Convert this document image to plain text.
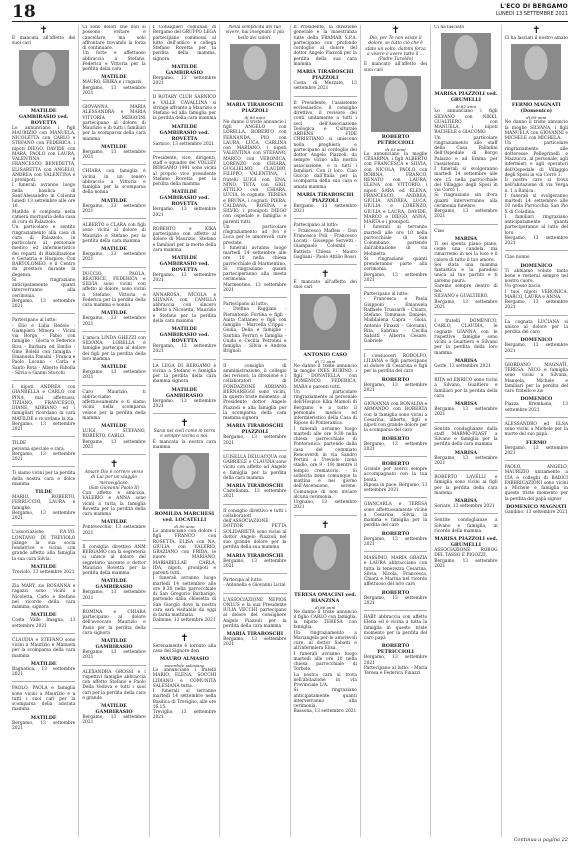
18	L'ECO DI BERGAMO
LUNEDÌ 13 SETTEMBRE 2021
✝
È mancata all'affetto dei suoi cari
MATILDE GAMBIRASIO ved. ROVETTA
Lo annunciano i figli MAURIZIO con MANUELA, NICOLETTA con CARLO e STEFANO con FEDERICA, i nipoti DIEGO, DAVIDE con MARA, PAOLO con LAURA, VALENTINA e FRANCESCO, BENEDETTA, ELISABETTA con ANGELO, ANDREA con VALENTINA e i pronipoti.
I funerali avranno luogo nella basilica di Sant'Alessandro in Colonna lunedì 13 settembre alle ore 10.
Matilde è composta nella camera mortuaria della casa di cura di Palazzolo.
Un particolare e sentito ringraziamento alla casa di cura di Palazzolo, in particolare al personale medico ed infermieristico dei reparti di Riabilitazione e Geriatria e Hospice. Con BARTOLOMEO, e il Centro da prestare durante la degenza.
Si ringraziano anticipatamente quanti interverranno alla cerimonia.
Bergamo, 13 settembre 2021
Partecipano al lutto:
- Elio e Lidia Redolo - Giampiero Minora - Vicini via Borgo - Fabio con famiglie - Gloria e Federico Riva - Barbara ed Emilio - Gino Bolelli con famiglia - Emanuela Pansini - Franca e Paolo Lucano - Carla e Santo Rota - Alberto Ribolla - Silvia e Gianni Stucchi
I nipoti ANDREA con GIANBELLA e CARLO con PINA, mai affettuosi, TIZIANO, FRANCESCO, DIANE, ADRIANO ed i famigliari ricordano la cara MATILDE e ricordano la zia.
Bergamo, 13 settembre 2021
TILDE
persona speciale e rara.
Bergamo, 13 settembre 2021
Ti siamo vicini per la perdita della nostra cara e dolce mamma
TILDE
MARIO, ROBERTO, FERRUCCIO, LAURA e famiglie.
Bergamo, 13 settembre 2021
L'associazione P.A.VO. LONTANO DI TREVIOLO piange la sua socia fondatrice e vicina con grande affetto alla famiglia la sua cara Silvia.
MATILDE
Treviolo, 13 settembre 2021
Zia MARY, zio ROSANNA e ragazzi sono vicini a Nicoletta, Carlo e Stefano nel ricordo della cara mamma, signora
MATILDE
Costa Valle Imagna, 13 settembre 2021
CLAUDIA e STEFANO sono vicini a Maurizio e Manuela per la scomparsa della cara mamma
MATILDE
Bagnatica, 13 settembre 2021
PAOLO, PAOLA e famiglia sono vicini a Maurizio e a tutti i suoi cari per la scomparsa della adorata mamma
MATILDE
Bergamo, 13 settembre 2021
Ci sono dolori che non si possono evitare e cancellare, ma solo affrontare trovando la forza di continuare.
Un forte e affettuoso abbraccio a Stefano, Federica e Vittoria per la perdita della cara
MATILDE
MAURO, ERIKA e i ragazzi.
Bergamo, 13 settembre 2021
GIOVANNA, MARIA ALESSANDRA e MARIA VITTORIA MERAVINI partecipano al dolore di Maurizio e di tutti i familiari per la scomparsa della cara mamma
MATILDE
Bergamo, 13 settembre 2021
CHIARA con famiglia è vicina in un tenero abbraccio a Vittoria e famiglia per la scomparsa della nonna
MATILDE
Bergamo, 13 settembre 2021
ALBERTO e CLARA con figli sono vicini al dolore di Maurizio e Stefano per la perdita della cara mamma
MATILDE
Bergamo, 13 settembre 2021
DUCCIO, PAOLA, BEATRICE, FEDERICA e SILVIA sono vicini con affetto al dolore, sono vicini a Stefano, Vittoria e Federica per la perdita della cara mamma e nonna
MATILDE
Bergamo, 13 settembre 2021
L'amica LINDA GHEZZI con SILVANA, LORELLA e famiglie partecipa al dolore dei figli per la perdita della loro mamma
MATILDE
Bergamo, 13 settembre 2021
Caro Maurizio, ti abbracciamo affettuosamente e ti siamo vicini nella scomparsa veloce per la perdita della mamma
MATILDE
LUIGI, STEFANO, ROBERTO, CARLO.
Bergamo, 13 settembre 2021
✝
Amare Dio è correre verso di Lui per un viaggio meraviglioso.
(San Giovanni Paolo II)
Con affetto e amicizia, VALERIO e ANNA sono vicini a tutta la famiglia Rovetta per la perdita della cara mamma
MATILDE
Pontevecchio, 13 settembre 2021
Il consiglio direttivo ANM BERGAMO con la segreteria si unisce al dolore del segretario uscente e dottor Maurizio Rovetta per la perdita della mamma
MATILDE GAMBIRASIO
Bergamo, 13 settembre 2021
ROMINA e CHIARA partecipano al dolore dell'avvocato Maurizio e Paolo per la perdita della cara signora
MATILDE GAMBIRASIO
Bergamo, 13 settembre 2021
ALEXANDRA GROSSI e i rispettivi famiglie abbraccia con affetto Stefano e Paolo Della Vedova e tutti i suoi cari per la perdita della cara e grande
MATILDE GAMBIRASIO
Bergamo, 13 settembre 2021
I Consiglieri comunali di Bergamo del GRUPPO LEGA partecipano commossi al lutto dell'amico e collega Stefano Rovetta per la perdita della mamma, signora
MATILDE GAMBIRASIO
Bergamo, 13 settembre 2021
Il ROTARY CLUB SARNICO e VALLE CAVALLINA si stringe affranto a Maurizio e Stefano ed alla famiglia per la perdita della cara mamma
MATILDE GAMBIRASIO ved. ROVETTA
Sarnico, 13 settembre 2021
Presidente, vice, dirigenti, staff e squadre del VOLLEY BERGAMO 1991 sono vicini al proprio vice presidente Stefano Rovetta per la perdita della mamma
MATILDE GAMBIRASIO ved. ROVETTA
Bergamo, 13 settembre 2021
ROBERTO e KIKA partecipano con affetto al dolore di Maurizio, Stefano e familiari per la morte della cara mamma
MATILDE GAMBIRASIO ved. ROVETTA
Bergamo, 13 settembre 2021
ANNAROSA, NICOLA e SILVANA con CAMILLA abbraccia con sincero affetto a Nicoletta, Maurizio e Stefano per la perdita della cara mamma
MATILDE GAMBIRASIO ved. ROVETTA
Bergamo, 13 settembre 2021
LA LEGA DI BERGAMO è vicina a Stefano e famiglia per la perdita della cara mamma signora
MATILDE GAMBIRASIO
Bergamo, 13 settembre 2021
✝
Sarai nei cieli come in terra e sempre vicino a noi.
È mancata la nostra cara mamma
ROMILDA MARCHESI ved. LOCATELLI
di 89 anni
Lo annunciano con dolore i figli FRANCO con ROSETTA, ELISA con NA, GIULIA con VALERIO, GRAZIANO con FRIDA, le nuore MARIANO, MARIABELLAE CARLA, IDA, nipoti, pronipoti e parenti tutti.
I funerali avranno luogo martedì 14 settembre alle ore 9.30 nella parrocchiale di San Gregorio Barbarigo, partendo dalla chiesetta di San Giorgio dove la nostra cara sarà visitabile da oggi in tarda mattinata.
Dalmine, 13 settembre 2021
✝
Serenamente è tornato alla casa del Signore don
MAURO ALMASIO
sacerdote salesiano
Lo annunciano i fratelli MARIO, ELENA, SOCCHI LIDIANO e COMUNITÀ SALESIANA tutta.
I funerali si terranno martedì 14 settembre nella Basilica di Treviglio, alle ore 16.15.
Treviglio, 13 settembre 2021
Nella semplicità del tuo vivere, hai insegnato il più bello dei valori.
MARIA TIRABOSCHI PIAZZOLI
di 89 anni
Ne danno il triste annuncio i figli ANGELO con LORELLA, ROBERTO con FERNANDA, PIO con LAURA, LUCA, CARLINA con MARIANO, i nipoti VALENTINA con STEFANO, MARCO con VERONICA, LORENZO con CHIARA, GUGLIELMO, CLAUDIO, FILIPPO, VALENTINA, i fratelli LUIGI con ENA, NINO, TETA con GIGI, ATTILIO con CHIARA, LUCIA, le cognate, TERESA e BRUNA, i cognati, PIERA, CALDANA, ROSINA e SILVIO, i pronipoti DIEGO con ospedale e famiglia e parenti tutti.
Un particolare ringraziamento ad Ivo e Luca per le amorevoli cure prestate.
I funerali avranno luogo martedì 14 settembre alle ore 10 nella chiesa parrocchiale di Marmentino.
Si ringraziano quanti parteciperanno alla mesta cerimonia.
Marmentino, 13 settembre 2021
Partecipano al lutto:
- Dolfina Faggiani - Pierantonio Fortina e figli - Anita Cattaneo e figli con famiglie - Marcella Crippa - Giulia, Delia e famiglie - Santina Ferrari e famiglia - Guido e Cecilia Petrolini e famiglia - Silvia e Andrea Brignoli
Il consiglio di amministrazione, il collegio dei revisori, la direzione e i collaboratori di FONDAZIONE ADRIANO BERNAREGGI sono vicini, in questo triste momento, al Presidente dottor Angelo Piazzoli e alla famiglia per la scomparsa della cara mamma signora
MARIA TIRABOSCHI PIAZZOLI
Bergamo, 13 settembre 2021
LUISELLA DELUACQUA con GABRIELE e CLAUDIA sono vicini con affetto ad Angelo e famiglia per la perdita della cara mamma
MARIA TIRABOSCHI
Castellanza, 13 settembre 2021
Il consiglio direttivo e tutti i collaboratori dell'ASSOCIAZIONE DOTTOR PETTA SOLIDARIETÀ sono vicini al dottor Angelo Piazzoli nel suo grande dolore per la perdita della sua mamma
MARIA TIRABOSCHI
Bergamo, 13 settembre 2021
Partecipa al lutto:
- Antonella e Giovanni Licini
L'ASSOCIAZIONE NEPIOS ONLUS e la sua Presidente IULIA VECCHI partecipano al dolore del consigliere Angelo Piazzoli per la perdita della cara mamma
MARIA TIRABOSCHI
Bergamo, 13 settembre 2021
Il Presidente, la direzione generale e la maestranza tutte della FRAMAR S.P.A. partecipano con profondo cordoglio al dolore del dottor Angelo Piazzoli per la perdita della sua cara mamma
MARIA TIRABOSCHI PIAZZOLI
Costa di Mezzate, 13 settembre 2021
Il Presidente, l'assistente ecclesiastico, il consiglio direttivo, il revisore dei conti unitamente a tutti i soci dell'Associazione Teologica e Culturale ARDENS FIDE CHRISTIANO si uniscono nella preghiera e partecipano al cordoglio del dottor Angelo Piazzoli, da sempre vicino alla nostra associazione, e a tutti i familiari. Con il loro. Ciao Guccio dall'Italia per la scomparsa della sua cara e amata mamma
MARIA TIRABOSCHI PIAZZOLI
Bergamo, 13 settembre 2021
Partecipano al lutto:
- Francesco Maffeis - Don Francesco Poli - Francesco Locati - Giuseppe Servetti - Giampaolo Colombi - Battista Chiesa - Mauro Gagliani - Paolo Attilio Rossi
✝
È mancato all'affetto dei suoi cari
ANTONIO CASO
di 72 anni
Ne danno il triste annuncio la moglie INES RUBINO, i figli DONATELLA con DOMENICO, FEDERICA, MARA e parenti tutti.
Un particolare ringraziamento al personale dell'Hospice Kika Mamoli di Bergamo e a tutto il personale medico ed infermieristico della Casa di Riposo di Ponteranica.
I funerali avranno luogo martedì alle ore 9.30 nella chiesa parrocchiale di Ponteranica, partendo dalla casa del commiato Roncoverdi in via Sandro Pertini a Treviolo (zona stadio, ore 9 - 19) mentre il tempio crematorio. - Si sollecita bene comunque la mattina e nel giorno dell'Ascensione, serene. Comunque di non inviare alcuna cerimonia.
Urgnano, 13 settembre 2021
✝
TERESA OMACINI ved. BIANZINA
di 86 anni
Ne danno il triste annuncio il figlio CARLO con famiglia, la nipote TERESA con famiglia.
Un ringraziamento a Mariangela per le amorevoli cure, al dottor Sabatti e all'infermiera Elisa.
I funerali avranno luogo martedì alle ore 10 nella chiesa parrocchiale di Torbole.
La nostra cara si trova nell'abitazione in via Provinciale 1/A.
Si ringraziano anticipatamente quanti interverranno alla cerimonia.
Bassona, 13 settembre 2021
✝
Dio, per Te non esiste il dolore, se tutto ciò che è stato un volto, dammi forza a vivere e avere tutto il ...
(Padre Turoldo)
È mancato all'affetto dei suoi cari
ROBERTO PETRICCIOLI
di 63 anni
Lo annunciano la moglie CESARINA, i figli ALBERTO con FRANCESCA e SILVIA, con NICOLA, PAOLO con ROBINA, FRANCO, RENATO con LAURA, ELENA con VITTORIO, i nipoti SARA ed ELENA, FRANCESCO, ANDREA, GIULIA, ANDREA, LUCA, GIULIA e LORENZO, GIULIA e LAURA, DAVIDE, MARCO e DIEGO, ANNA, MARTA e i pronipoti.
I funerali si terranno martedì alle ore 10 nella parrocchiale di San Colombano, partendo dall'abitazione di via Molinetto.
Si ringraziano quanti prenderanno parte alla cerimonia.
Bergamo, 13 settembre 2021
Partecipano al lutto:
- Francesco e Paola Giupponi - Emanuela Raffaele Trussardi - Chiara, Stefano, Tommaso, Daniele, Maddalena Capra - Gioia, Antonio Finazzi - Giovanni, Rita, Sabrina - Cecilia Sabatti - Alberto, Cesare, Gabriele
I consuoceri RODOLFO, LILIANA e figli partecipano al dolore di Cesarina e figli per la perdita del caro
ROBERTO
Bergamo, 13 settembre 2021
GIOVANNA con BONALDA e ARMANDO con ROBERTA con la famiglia sono vicini a Cesarina, alberto, figli e nipoti con grande dolore per la scomparsa del caro
ROBERTO
Bergamo, 13 settembre 2021
ROBERTO
Grande per averci sempre accompagnato con la tua bontà.
Riposa in pace. Bergamo, 13 settembre 2021
GIANCARLA e TERESA sono affettuosamente vicine a Cesarina, Silvia, la mamma e famiglia per la perdita del caro
ROBERTO
Bergamo, 13 settembre 2021
MASSIMO, MARIA GRAZIA e LAURA abbracciano con tutta la tenerezza Cesarina, Silvia, Nicola, Francesca, Chiara e Marina nel ricordo affettuoso del loro caro
ROBERTO
Bergamo, 13 settembre 2021
BABY abbraccia con affetto Elena ed è vicina a tutta la famiglia in questo triste momento per la perdita del caro papà
ROBERTO PETRICCIOLI
Bergamo, 13 settembre 2021
Partecipano al lutto: - Maria Teresa e Federica Finazzi
Ci ha lasciato
MARISA PIAZZOLI ved. GRUMELLI
di 82 anni
Lo annunciano i figli SILVANO con NIKKI, GUALTIERO con MANUELA, i nipoti RACHELE e GIACOMO.
Un particolare ringraziamento allo staff della Casa Palladini dell'Ospedale di Borgo Palazzo e ad Emma per l'assistenza.
I funerali si svolgeranno martedì 14 settembre alle ore 15 nella parrocchiale del Villaggio degli Sposi in via Corrò 1.
Si ringraziano sin d'ora quanti interverranno alla cerimonia funebre.
Bergamo, 13 settembre 2021
Ciao
MARISA
Ti sei spenta piano piano, come una candela, ma rimarremo in noi la luce e il calore di tutto il tuo amore.
Sei stata una mamma fantastica e la paradiso unica al tuo partito e ti saremo paura.
Saremo sempre dentro di noi.
SILVANO e GUALTIERO.
Bergamo, 13 settembre 2021
I fratelli DOMENICO, CARLO, CLAUDIA, le cognate GIANNA con le rispettive famiglie sono vicini a Gualtiero e Silvano per la perdita della loro mamma
MARISA
Gorle, 13 settembre 2021
RITA ed ENRICO sono vicini a Silvano, Gualtiero e familiari per la perdita della cara
MARISA
Bergamo, 13 settembre 2021
Sentite condoglianze dalla staff MARMO-PLAST a Silvano e famiglia per la perdita della cara mamma
MARISA
Bergamo, 13 settembre 2021
ROBERTO LAVELLI e famiglia sono vicini ai figli per la perdita della cara mamma
MARISA
Seriate, 13 settembre 2021
Sentite condoglianze a Silvano e famiglia, in ricordo della mamma
MARISA PIAZZOLI ved. GRUMELLI
ASSOCIAZIONE ROBOG DEL TASSO E PIGOZZI.
Bergamo, 13 settembre 2021
✝
Ci ha lasciati il nostro amato
FERMO MAGNATI (Domenico)
di 89 anni
Ne danno il triste annuncio la moglie SILVANA, i figli MANUELA con GIOVANNI e MICHELE con MICHELA.
Un particolare ringraziamento alle dottoresse Pellegrinelli e Mazzucca, al personale, agli infermieri e agli operatori dell'Ospedale di Villaggio degli Sposi in via Corrò 1.
Il nostro caro si trova nell'abitazione di via Verga n. 1 a Ranica.
I funerali si svolgeranno martedì 14 settembre alle 10 nella Parrocchia San Pio X di Coladina.
I familiari ringraziano anticipatamente quanti parteciperanno al lutto del loro.
Bergamo, 13 settembre 2021
Ciao nonno
DOMENICO
Ti abbiamo voluto tanto bene e resterai sempre nel nostro cuore.
Un grosso bacio.
I tuoi nipoti VERONICA, MARCO, LAURA e ANNA.
Bergamo, 13 settembre 2021
La cognata LUCIANA si unisce al dolore per la perdita del caro
DOMENICO
Bergamo, 13 settembre 2021
GIORDANO MAGNATI, TERESA, NICO e famiglia sono vicini a Silvana, Manuela, Michele e familiari per la perdita del caro fratello e zio
DOMENICO
Piazza Brembana, 13 settembre 2021
ALESSANDRO ed ELSA sono vicini a Michele per la morte del suo papà
FERMO
Bergamo, 13 settembre 2021
PAOLO, ANGELO, MAURIZIO unitamente a CIA e colleghi di BADICI FABBRICAZIONI sono vicini a Michele e famiglia in questo triste momento per la perdita del papà signor
DOMENICO MAGNATI
Gandino, 13 settembre 2021
Continua a pagina 22
